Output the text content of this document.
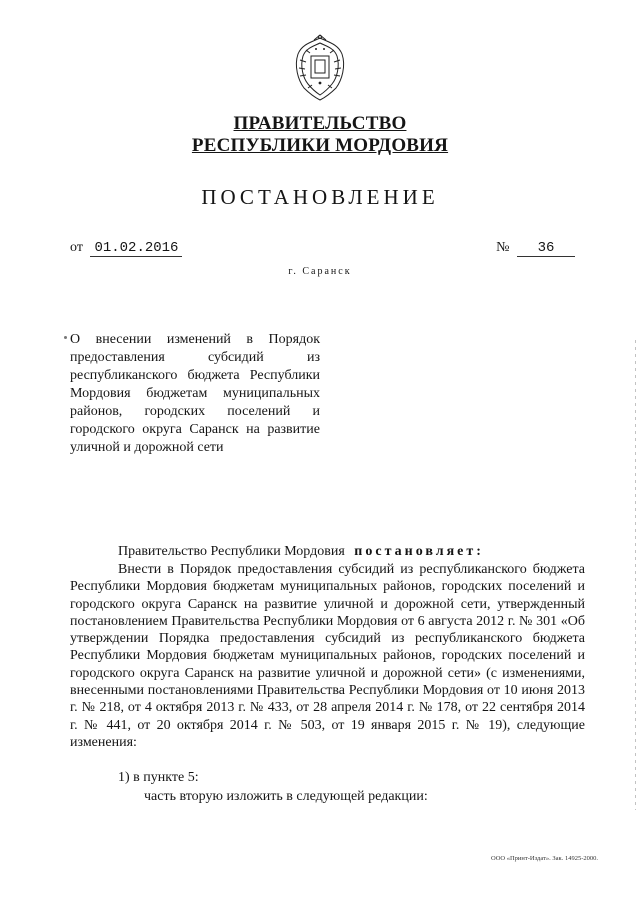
ПРАВИТЕЛЬСТВО
РЕСПУБЛИКИ МОРДОВИЯ
ПОСТАНОВЛЕНИЕ
от 01.02.2016	№ 36
г. Саранск
О внесении изменений в Порядок предоставления субсидий из республиканского бюджета Республики Мордовия бюджетам муниципальных районов, городских поселений и городского округа Саранск на развитие уличной и дорожной сети
Правительство Республики Мордовия постановляет:
Внести в Порядок предоставления субсидий из республиканского бюджета Республики Мордовия бюджетам муниципальных районов, городских поселений и городского округа Саранск на развитие уличной и дорожной сети, утвержденный постановлением Правительства Республики Мордовия от 6 августа 2012 г. № 301 «Об утверждении Порядка предоставления субсидий из республиканского бюджета Республики Мордовия бюджетам муниципальных районов, городских поселений и городского округа Саранск на развитие уличной и дорожной сети» (с изменениями, внесенными постановлениями Правительства Республики Мордовия от 10 июня 2013 г. № 218, от 4 октября 2013 г. № 433, от 28 апреля 2014 г. № 178, от 22 сентября 2014 г. № 441, от 20 октября 2014 г. № 503, от 19 января 2015 г. № 19), следующие изменения:
1) в пункте 5:
часть вторую изложить в следующей редакции:
ООО «Принт-Издат». Зак. 14925-2000.
